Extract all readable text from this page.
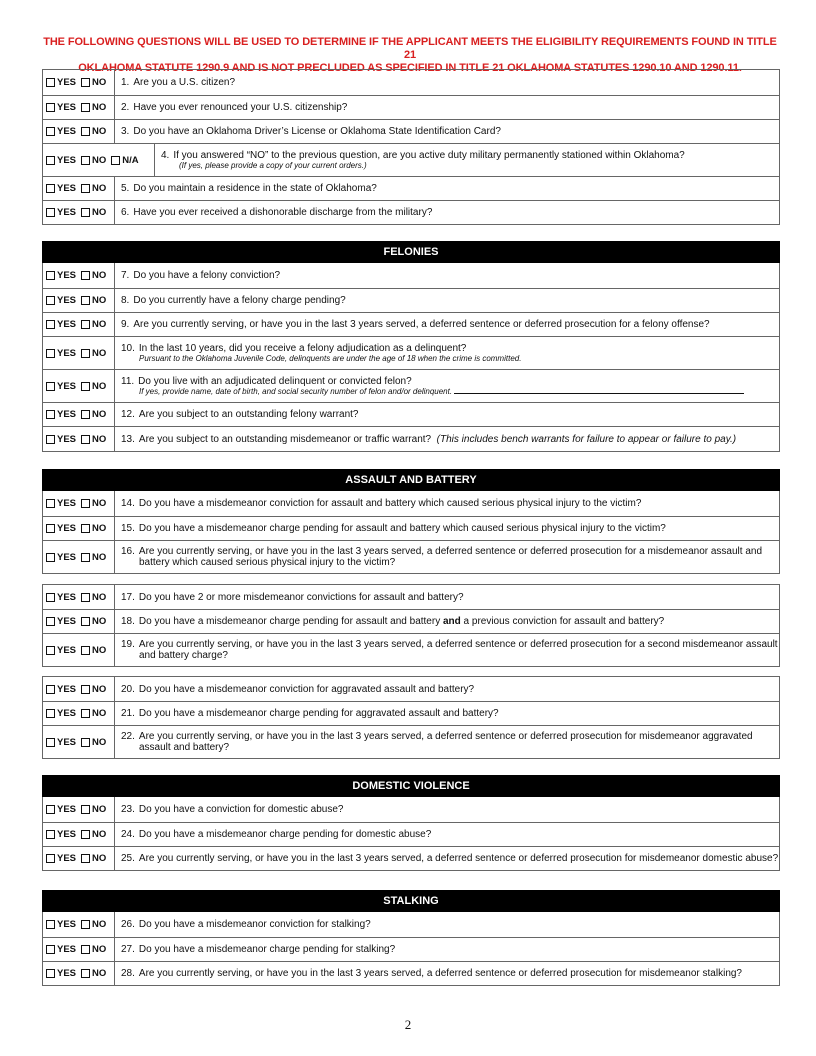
THE FOLLOWING QUESTIONS WILL BE USED TO DETERMINE IF THE APPLICANT MEETS THE ELIGIBILITY REQUIREMENTS FOUND IN TITLE 21
OKLAHOMA STATUTE 1290.9 AND IS NOT PRECLUDED AS SPECIFIED IN TITLE 21 OKLAHOMA STATUTES 1290.10 AND 1290.11.
YES NO 1. Are you a U.S. citizen?
YES NO 2. Have you ever renounced your U.S. citizenship?
YES NO 3. Do you have an Oklahoma Driver’s License or Oklahoma State Identification Card?
YES NO N/A 4. If you answered “NO” to the previous question, are you active duty military permanently stationed within Oklahoma?
(If yes, please provide a copy of your current orders.)
YES NO 5. Do you maintain a residence in the state of Oklahoma?
YES NO 6. Have you ever received a dishonorable discharge from the military?
FELONIES
YES NO 7. Do you have a felony conviction?
YES NO 8. Do you currently have a felony charge pending?
YES NO 9. Are you currently serving, or have you in the last 3 years served, a deferred sentence or deferred prosecution for a felony offense?
YES NO 10. In the last 10 years, did you receive a felony adjudication as a delinquent?
Pursuant to the Oklahoma Juvenile Code, delinquents are under the age of 18 when the crime is committed.
YES NO 11. Do you live with an adjudicated delinquent or convicted felon?
If yes, provide name, date of birth, and social security number of felon and/or delinquent.
YES NO 12. Are you subject to an outstanding felony warrant?
YES NO 13. Are you subject to an outstanding misdemeanor or traffic warrant? (This includes bench warrants for failure to appear or failure to pay.)
ASSAULT AND BATTERY
YES NO 14. Do you have a misdemeanor conviction for assault and battery which caused serious physical injury to the victim?
YES NO 15. Do you have a misdemeanor charge pending for assault and battery which caused serious physical injury to the victim?
YES NO 16. Are you currently serving, or have you in the last 3 years served, a deferred sentence or deferred prosecution for a misdemeanor assault and
battery which caused serious physical injury to the victim?
YES NO 17. Do you have 2 or more misdemeanor convictions for assault and battery?
YES NO 18. Do you have a misdemeanor charge pending for assault and battery and a previous conviction for assault and battery?
YES NO 19. Are you currently serving, or have you in the last 3 years served, a deferred sentence or deferred prosecution for a second misdemeanor assault
and battery charge?
YES NO 20. Do you have a misdemeanor conviction for aggravated assault and battery?
YES NO 21. Do you have a misdemeanor charge pending for aggravated assault and battery?
YES NO 22. Are you currently serving, or have you in the last 3 years served, a deferred sentence or deferred prosecution for misdemeanor aggravated
assault and battery?
DOMESTIC VIOLENCE
YES NO 23. Do you have a conviction for domestic abuse?
YES NO 24. Do you have a misdemeanor charge pending for domestic abuse?
YES NO 25. Are you currently serving, or have you in the last 3 years served, a deferred sentence or deferred prosecution for misdemeanor domestic abuse?
STALKING
YES NO 26. Do you have a misdemeanor conviction for stalking?
YES NO 27. Do you have a misdemeanor charge pending for stalking?
YES NO 28. Are you currently serving, or have you in the last 3 years served, a deferred sentence or deferred prosecution for misdemeanor stalking?
2
